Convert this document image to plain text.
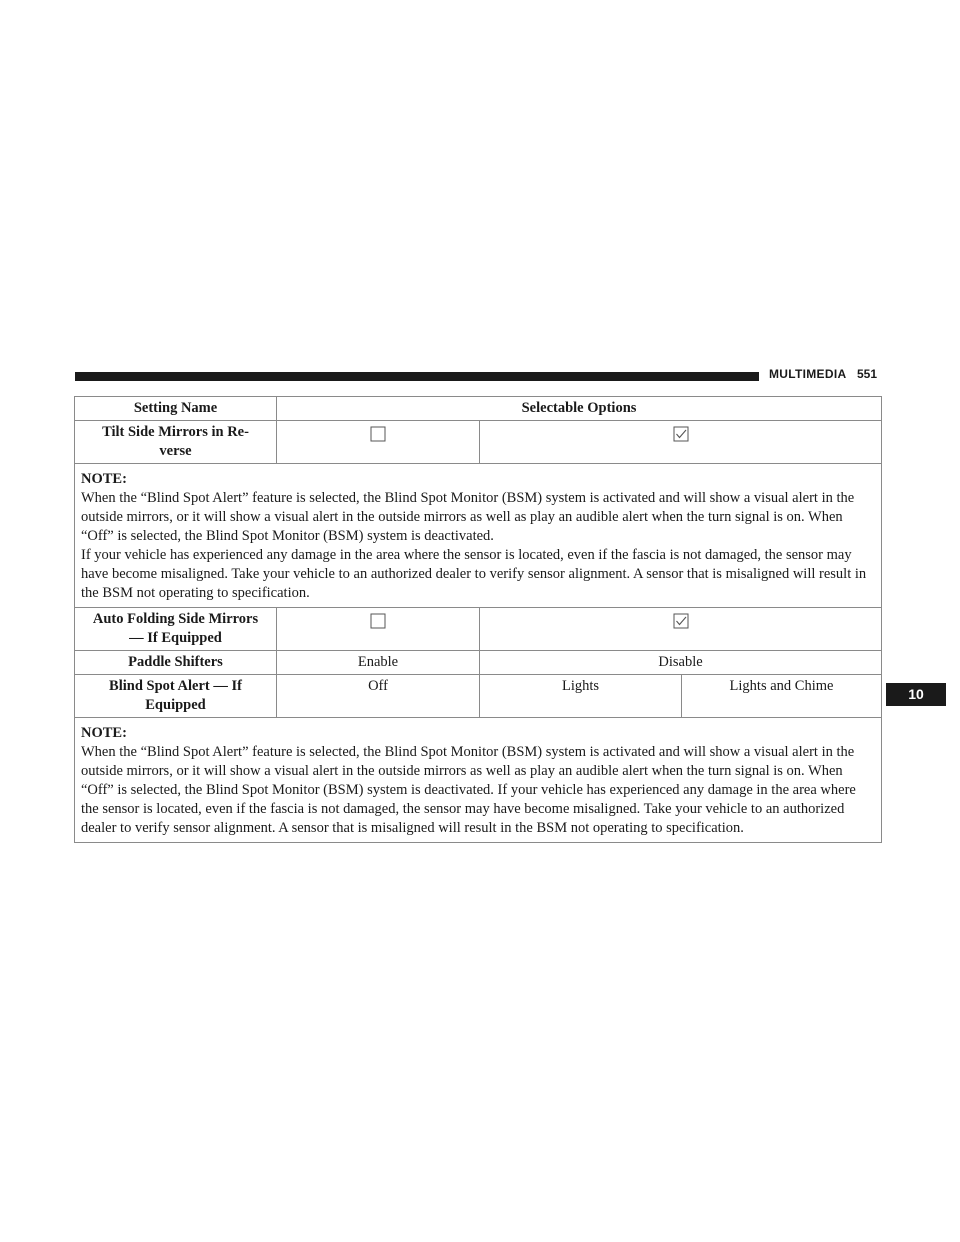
MULTIMEDIA 551
10
Setting Name	Selectable Options		
Tilt Side Mirrors in Re-
verse		

NOTE:

When the “Blind Spot Alert” feature is selected, the Blind Spot Monitor (BSM) system is activated and will show a visual alert in the outside mirrors, or it will show a visual alert in the outside mirrors as well as play an audible alert when the turn signal is on. When “Off” is selected, the Blind Spot Monitor (BSM) system is deactivated.

If your vehicle has experienced any damage in the area where the sensor is located, even if the fascia is not damaged, the sensor may have become misaligned. Take your vehicle to an authorized dealer to verify sensor alignment. A sensor that is misaligned will result in the BSM not operating to specification.			

Auto Folding Side Mirrors
— If Equipped		
Paddle Shifters	Enable	Disable	
Blind Spot Alert — If
Equipped	Off	Lights	Lights and Chime

NOTE:

When the “Blind Spot Alert” feature is selected, the Blind Spot Monitor (BSM) system is activated and will show a visual alert in the outside mirrors, or it will show a visual alert in the outside mirrors as well as play an audible alert when the turn signal is on. When “Off” is selected, the Blind Spot Monitor (BSM) system is deactivated. If your vehicle has experienced any damage in the area where the sensor is located, even if the fascia is not damaged, the sensor may have become misaligned. Take your vehicle to an authorized dealer to verify sensor alignment. A sensor that is misaligned will result in the BSM not operating to specification.			
